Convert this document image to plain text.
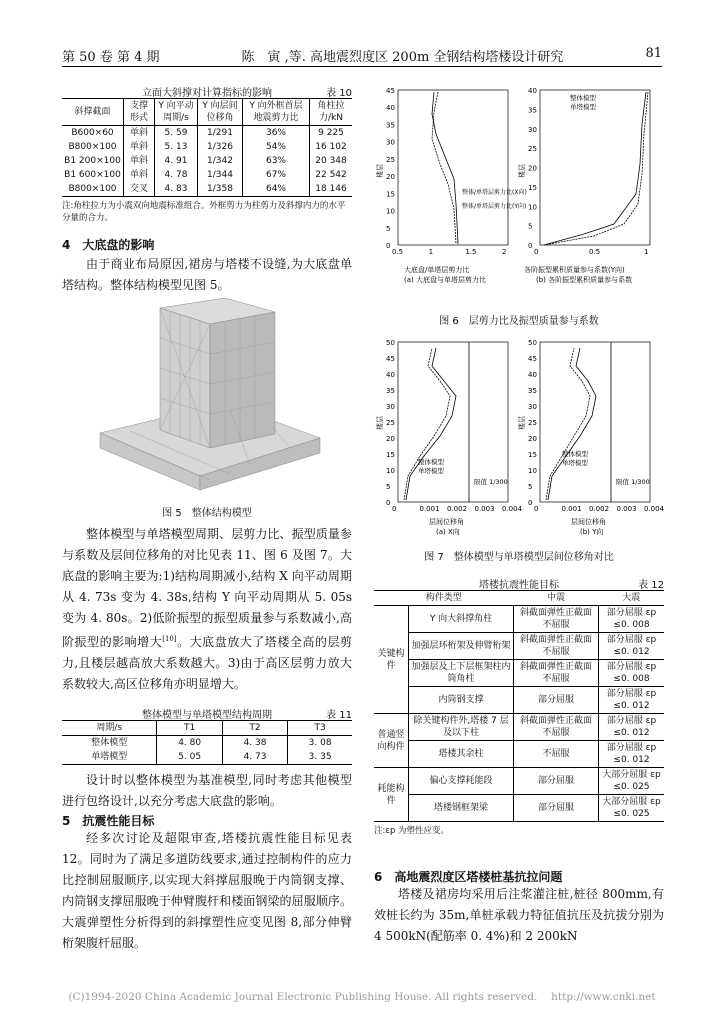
第 50 卷 第 4 期	陈　寅 ,等. 高地震烈度区 200m 全钢结构塔楼设计研究	81
立面大斜撑对计算指标的影响	表 10
斜撑截面	支撑形式	Y 向平动周期/s	Y 向层间位移角	Y 向外框首层地震剪力比	角柱拉力/kN
B600×60	单斜	5. 59	1/291	36%	9 225
B800×100	单斜	5. 13	1/326	54%	16 102
B1 200×100	单斜	4. 91	1/342	63%	20 348
B1 600×100	单斜	4. 78	1/344	67%	22 542
B800×100	交叉	4. 83	1/358	64%	18 146
注:角柱拉力为小震双向地震标准组合。外框剪力为柱剪力及斜撑内力的水平分量的合力。
4　大底盘的影响
由于商业布局原因,裙房与塔楼不设缝,为大底盘单塔结构。整体结构模型见图 5。
图 5　整体结构模型
整体模型与单塔模型周期、层剪力比、振型质量参与系数及层间位移角的对比见表 11、图 6 及图 7。大底盘的影响主要为:1)结构周期减小,结构 X 向平动周期从 4. 73s 变为 4. 38s,结构 Y 向平动周期从 5. 05s 变为 4. 80s。2)低阶振型的振型质量参与系数减小,高阶振型的影响增大[10]。大底盘放大了塔楼全高的层剪力,且楼层越高放大系数越大。3)由于高区层剪力放大系数较大,高区位移角亦明显增大。
整体模型与单塔模型结构周期	表 11
周期/s	T1	T2	T3
整体模型	4. 80	4. 38	3. 08
单塔模型	5. 05	4. 73	3. 35
设计时以整体模型为基准模型,同时考虑其他模型进行包络设计,以充分考虑大底盘的影响。
5　抗震性能目标
经多次讨论及超限审查,塔楼抗震性能目标见表 12。同时为了满足多道防线要求,通过控制构件的应力比控制屈服顺序,以实现大斜撑屈服晚于内筒钢支撑、内筒钢支撑屈服晚于伸臂腹杆和楼面钢梁的屈服顺序。大震弹塑性分析得到的斜撑塑性应变见图 8,部分伸臂桁架腹杆屈服。
0
5
10
15
20
25
30
35
40
45
0.5	1	1.5	2
楼层
大底盘/单塔层剪力比
(a) 大底盘与单塔层剪力比
整体/单塔层剪力比(X向)
整体/单塔层剪力比(Y向)
0
5
10
15
20
25
30
35
40
0	0.5	1
楼层
各阶振型累积质量参与系数(Y向)
(b) 各阶振型累积质量参与系数
整体模型
单塔模型
图 6　层剪力比及振型质量参与系数
0
5
10
15
20
25
30
35
40
45
50
0	0.001 0.002 0.003 0.004
限值 1/300
整体模型
单塔模型
楼层
层间位移角
(a) X向
0
5
10
15
20
25
30
35
40
45
50
0	0.001 0.002 0.003 0.004
限值 1/300
整体模型
单塔模型
楼层
层间位移角
(b) Y向
图 7　整体模型与单塔模型层间位移角对比
塔楼抗震性能目标	表 12
构件类型		中震	大震
关键构件	Y 向大斜撑角柱	斜截面弹性正截面不屈服	部分屈服 εp ≤0. 008
	加强层环桁架及伸臂桁架	斜截面弹性正截面不屈服	部分屈服 εp ≤0. 012
	加强层及上下层框架柱内筒角柱	斜截面弹性正截面不屈服	部分屈服 εp ≤0. 008
	内筒钢支撑	部分屈服	部分屈服 εp ≤0. 012
普通竖向构件	除关键构件外,塔楼 7 层及以下柱	斜截面弹性正截面不屈服	部分屈服 εp ≤0. 012
	塔楼其余柱	不屈服	部分屈服 εp ≤0. 012
耗能构件	偏心支撑耗能段	部分屈服	大部分屈服 εp ≤0. 025
	塔楼钢框架梁	部分屈服	大部分屈服 εp ≤0. 025
注:εp 为塑性应变。
6　高地震烈度区塔楼桩基抗拉问题
塔楼及裙房均采用后注浆灌注桩,桩径 800mm,有效桩长约为 35m,单桩承载力特征值抗压及抗拔分别为 4 500kN(配筋率 0. 4%)和 2 200kN
(C)1994-2020 China Academic Journal Electronic Publishing House. All rights reserved.　 http://www.cnki.net
